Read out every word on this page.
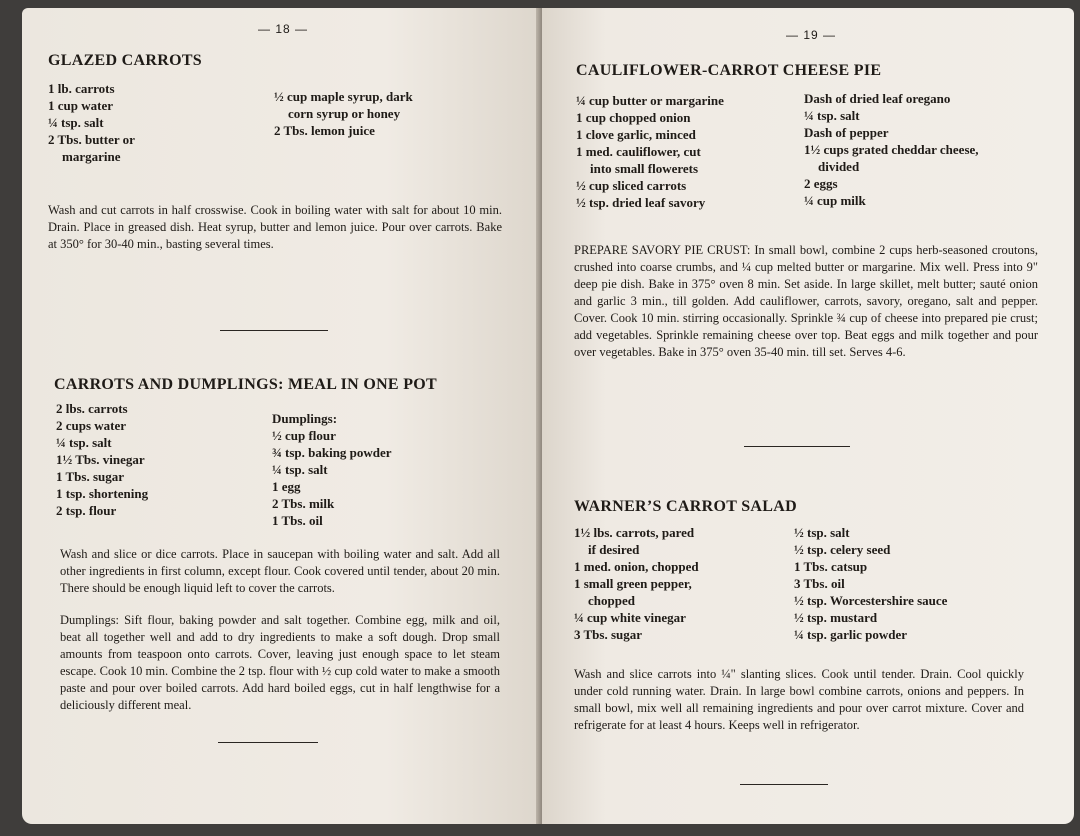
— 18 —
GLAZED CARROTS
1 lb. carrots
1 cup water
¼ tsp. salt
2 Tbs. butter or
margarine
½ cup maple syrup, dark
corn syrup or honey
2 Tbs. lemon juice
Wash and cut carrots in half crosswise. Cook in boiling water with salt for about 10 min. Drain. Place in greased dish. Heat syrup, butter and lemon juice. Pour over carrots. Bake at 350° for 30-40 min., basting several times.
CARROTS AND DUMPLINGS: MEAL IN ONE POT
2 lbs. carrots
2 cups water
¼ tsp. salt
1½ Tbs. vinegar
1 Tbs. sugar
1 tsp. shortening
2 tsp. flour
Dumplings:
½ cup flour
¾ tsp. baking powder
¼ tsp. salt
1 egg
2 Tbs. milk
1 Tbs. oil
Wash and slice or dice carrots. Place in saucepan with boiling water and salt. Add all other ingredients in first column, except flour. Cook covered until tender, about 20 min. There should be enough liquid left to cover the carrots.
Dumplings: Sift flour, baking powder and salt together. Combine egg, milk and oil, beat all together well and add to dry ingredients to make a soft dough. Drop small amounts from teaspoon onto carrots. Cover, leaving just enough space to let steam escape. Cook 10 min. Combine the 2 tsp. flour with ½ cup cold water to make a smooth paste and pour over boiled carrots. Add hard boiled eggs, cut in half lengthwise for a deliciously different meal.
— 19 —
CAULIFLOWER-CARROT CHEESE PIE
¼ cup butter or margarine
1 cup chopped onion
1 clove garlic, minced
1 med. cauliflower, cut
into small flowerets
½ cup sliced carrots
½ tsp. dried leaf savory
Dash of dried leaf oregano
¼ tsp. salt
Dash of pepper
1½ cups grated cheddar cheese,
divided
2 eggs
¼ cup milk
PREPARE SAVORY PIE CRUST: In small bowl, combine 2 cups herb-seasoned croutons, crushed into coarse crumbs, and ¼ cup melted butter or margarine. Mix well. Press into 9" deep pie dish. Bake in 375° oven 8 min. Set aside. In large skillet, melt butter; sauté onion and garlic 3 min., till golden. Add cauliflower, carrots, savory, oregano, salt and pepper. Cover. Cook 10 min. stirring occasionally. Sprinkle ¾ cup of cheese into prepared pie crust; add vegetables. Sprinkle remaining cheese over top. Beat eggs and milk together and pour over vegetables. Bake in 375° oven 35-40 min. till set. Serves 4-6.
WARNER’S CARROT SALAD
1½ lbs. carrots, pared
if desired
1 med. onion, chopped
1 small green pepper,
chopped
¼ cup white vinegar
3 Tbs. sugar
½ tsp. salt
½ tsp. celery seed
1 Tbs. catsup
3 Tbs. oil
½ tsp. Worcestershire sauce
½ tsp. mustard
¼ tsp. garlic powder
Wash and slice carrots into ¼" slanting slices. Cook until tender. Drain. Cool quickly under cold running water. Drain. In large bowl combine carrots, onions and peppers. In small bowl, mix well all remaining ingredients and pour over carrot mixture. Cover and refrigerate for at least 4 hours. Keeps well in refrigerator.
